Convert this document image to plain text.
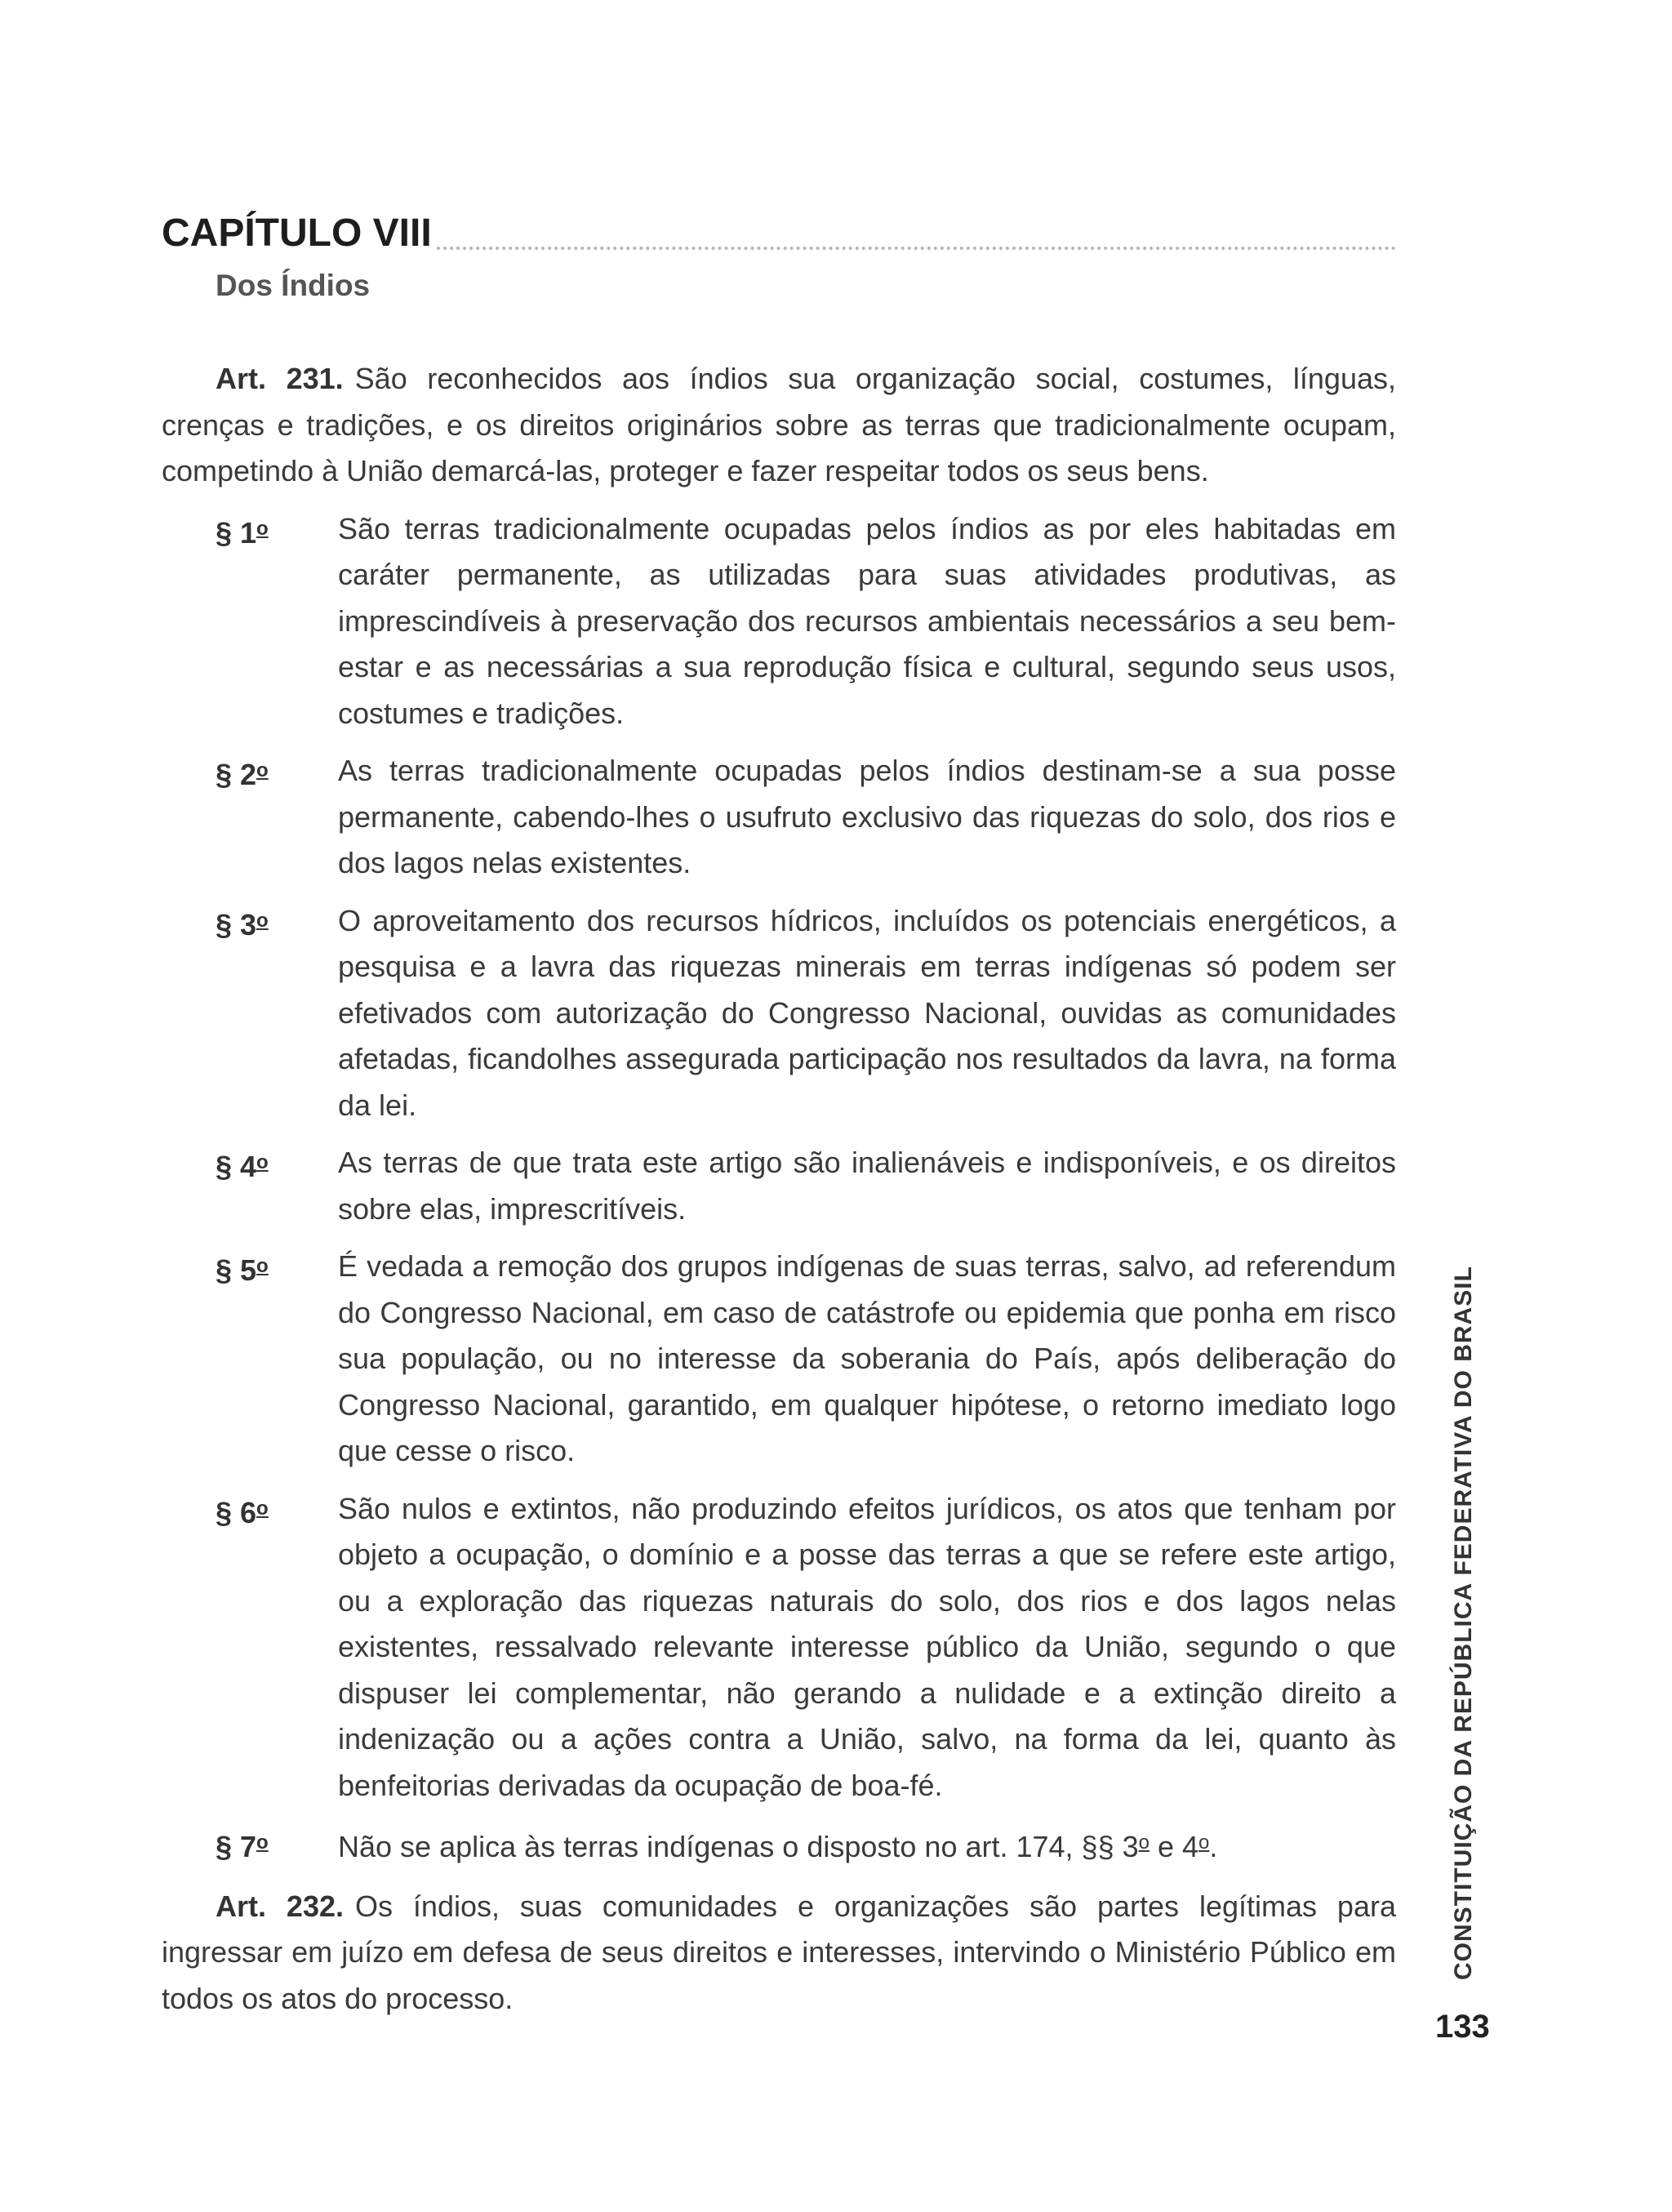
CAPÍTULO VIII
Dos Índios

Art. 231. São reconhecidos aos índios sua organização social, costumes, línguas, crenças e tradições, e os direitos originários sobre as terras que tradicionalmente ocupam, competindo à União demarcá-las, proteger e fazer respeitar todos os seus bens.

§ 1$^o$	São terras tradicionalmente ocupadas pelos índios as por eles habitadas em caráter permanente, as utilizadas para suas atividades produtivas, as imprescindíveis à preservação dos recursos ambientais necessários a seu bem-estar e as necessárias a sua reprodução física e cultural, segundo seus usos, costumes e tradições.
§ 2$^o$	As terras tradicionalmente ocupadas pelos índios destinam-se a sua posse permanente, cabendo-lhes o usufruto exclusivo das riquezas do solo, dos rios e dos lagos nelas existentes.
§ 3$^o$	O aproveitamento dos recursos hídricos, incluídos os potenciais energéticos, a pesquisa e a lavra das riquezas minerais em terras indígenas só podem ser efetivados com autorização do Congresso Nacional, ouvidas as comunidades afetadas, ficandolhes assegurada participação nos resultados da lavra, na forma da lei.
§ 4$^o$	As terras de que trata este artigo são inalienáveis e indisponíveis, e os direitos sobre elas, imprescritíveis.
§ 5$^o$	É vedada a remoção dos grupos indígenas de suas terras, salvo, ad referendum do Congresso Nacional, em caso de catástrofe ou epidemia que ponha em risco sua população, ou no interesse da soberania do País, após deliberação do Congresso Nacional, garantido, em qualquer hipótese, o retorno imediato logo que cesse o risco.
§ 6$^o$	São nulos e extintos, não produzindo efeitos jurídicos, os atos que tenham por objeto a ocupação, o domínio e a posse das terras a que se refere este artigo, ou a exploração das riquezas naturais do solo, dos rios e dos lagos nelas existentes, ressalvado relevante interesse público da União, segundo o que dispuser lei complementar, não gerando a nulidade e a extinção direito a indenização ou a ações contra a União, salvo, na forma da lei, quanto às benfeitorias derivadas da ocupação de boa-fé.
§ 7$^o$	Não se aplica às terras indígenas o disposto no art. 174, §§ 3$^o$ e 4$^o$.

Art. 232. Os índios, suas comunidades e organizações são partes legítimas para ingressar em juízo em defesa de seus direitos e interesses, intervindo o Ministério Público em todos os atos do processo.

CONSTITUIÇÃO DA REPÚBLICA FEDERATIVA DO BRASIL
133
